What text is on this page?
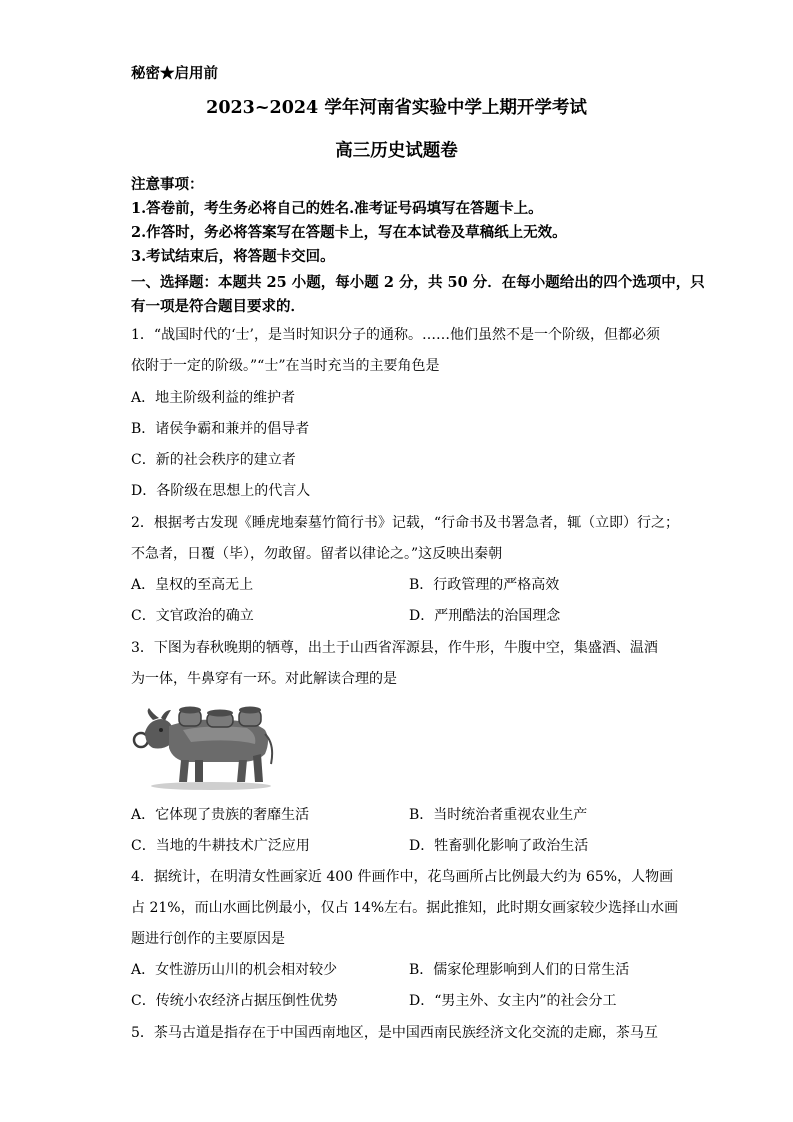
秘密★启用前
2023~2024 学年河南省实验中学上期开学考试
高三历史试题卷
注意事项：
1.答卷前，考生务必将自己的姓名.准考证号码填写在答题卡上。
2.作答时，务必将答案写在答题卡上，写在本试卷及草稿纸上无效。
3.考试结束后，将答题卡交回。
一、选择题：本题共 25 小题，每小题 2 分，共 50 分．在每小题给出的四个选项中，只
有一项是符合题目要求的．
1．“战国时代的‘士’，是当时知识分子的通称。……他们虽然不是一个阶级，但都必须
依附于一定的阶级。”“士”在当时充当的主要角色是
A．地主阶级利益的维护者
B．诸侯争霸和兼并的倡导者
C．新的社会秩序的建立者
D．各阶级在思想上的代言人
2．根据考古发现《睡虎地秦墓竹简行书》记载，“行命书及书署急者，辄（立即）行之；
不急者，日覆（毕），勿敢留。留者以律论之。”这反映出秦朝
A．皇权的至高无上	B．行政管理的严格高效
C．文官政治的确立	D．严刑酷法的治国理念
3．下图为春秋晚期的牺尊，出土于山西省浑源县，作牛形，牛腹中空，集盛酒、温酒
为一体，牛鼻穿有一环。对此解读合理的是
A．它体现了贵族的奢靡生活	B．当时统治者重视农业生产
C．当地的牛耕技术广泛应用	D．牲畜驯化影响了政治生活
4．据统计，在明清女性画家近 400 件画作中，花鸟画所占比例最大约为 65%，人物画
占 21%，而山水画比例最小，仅占 14%左右。据此推知，此时期女画家较少选择山水画
题进行创作的主要原因是
A．女性游历山川的机会相对较少	B．儒家伦理影响到人们的日常生活
C．传统小农经济占据压倒性优势	D．“男主外、女主内”的社会分工
5．茶马古道是指存在于中国西南地区，是中国西南民族经济文化交流的走廊，茶马互
